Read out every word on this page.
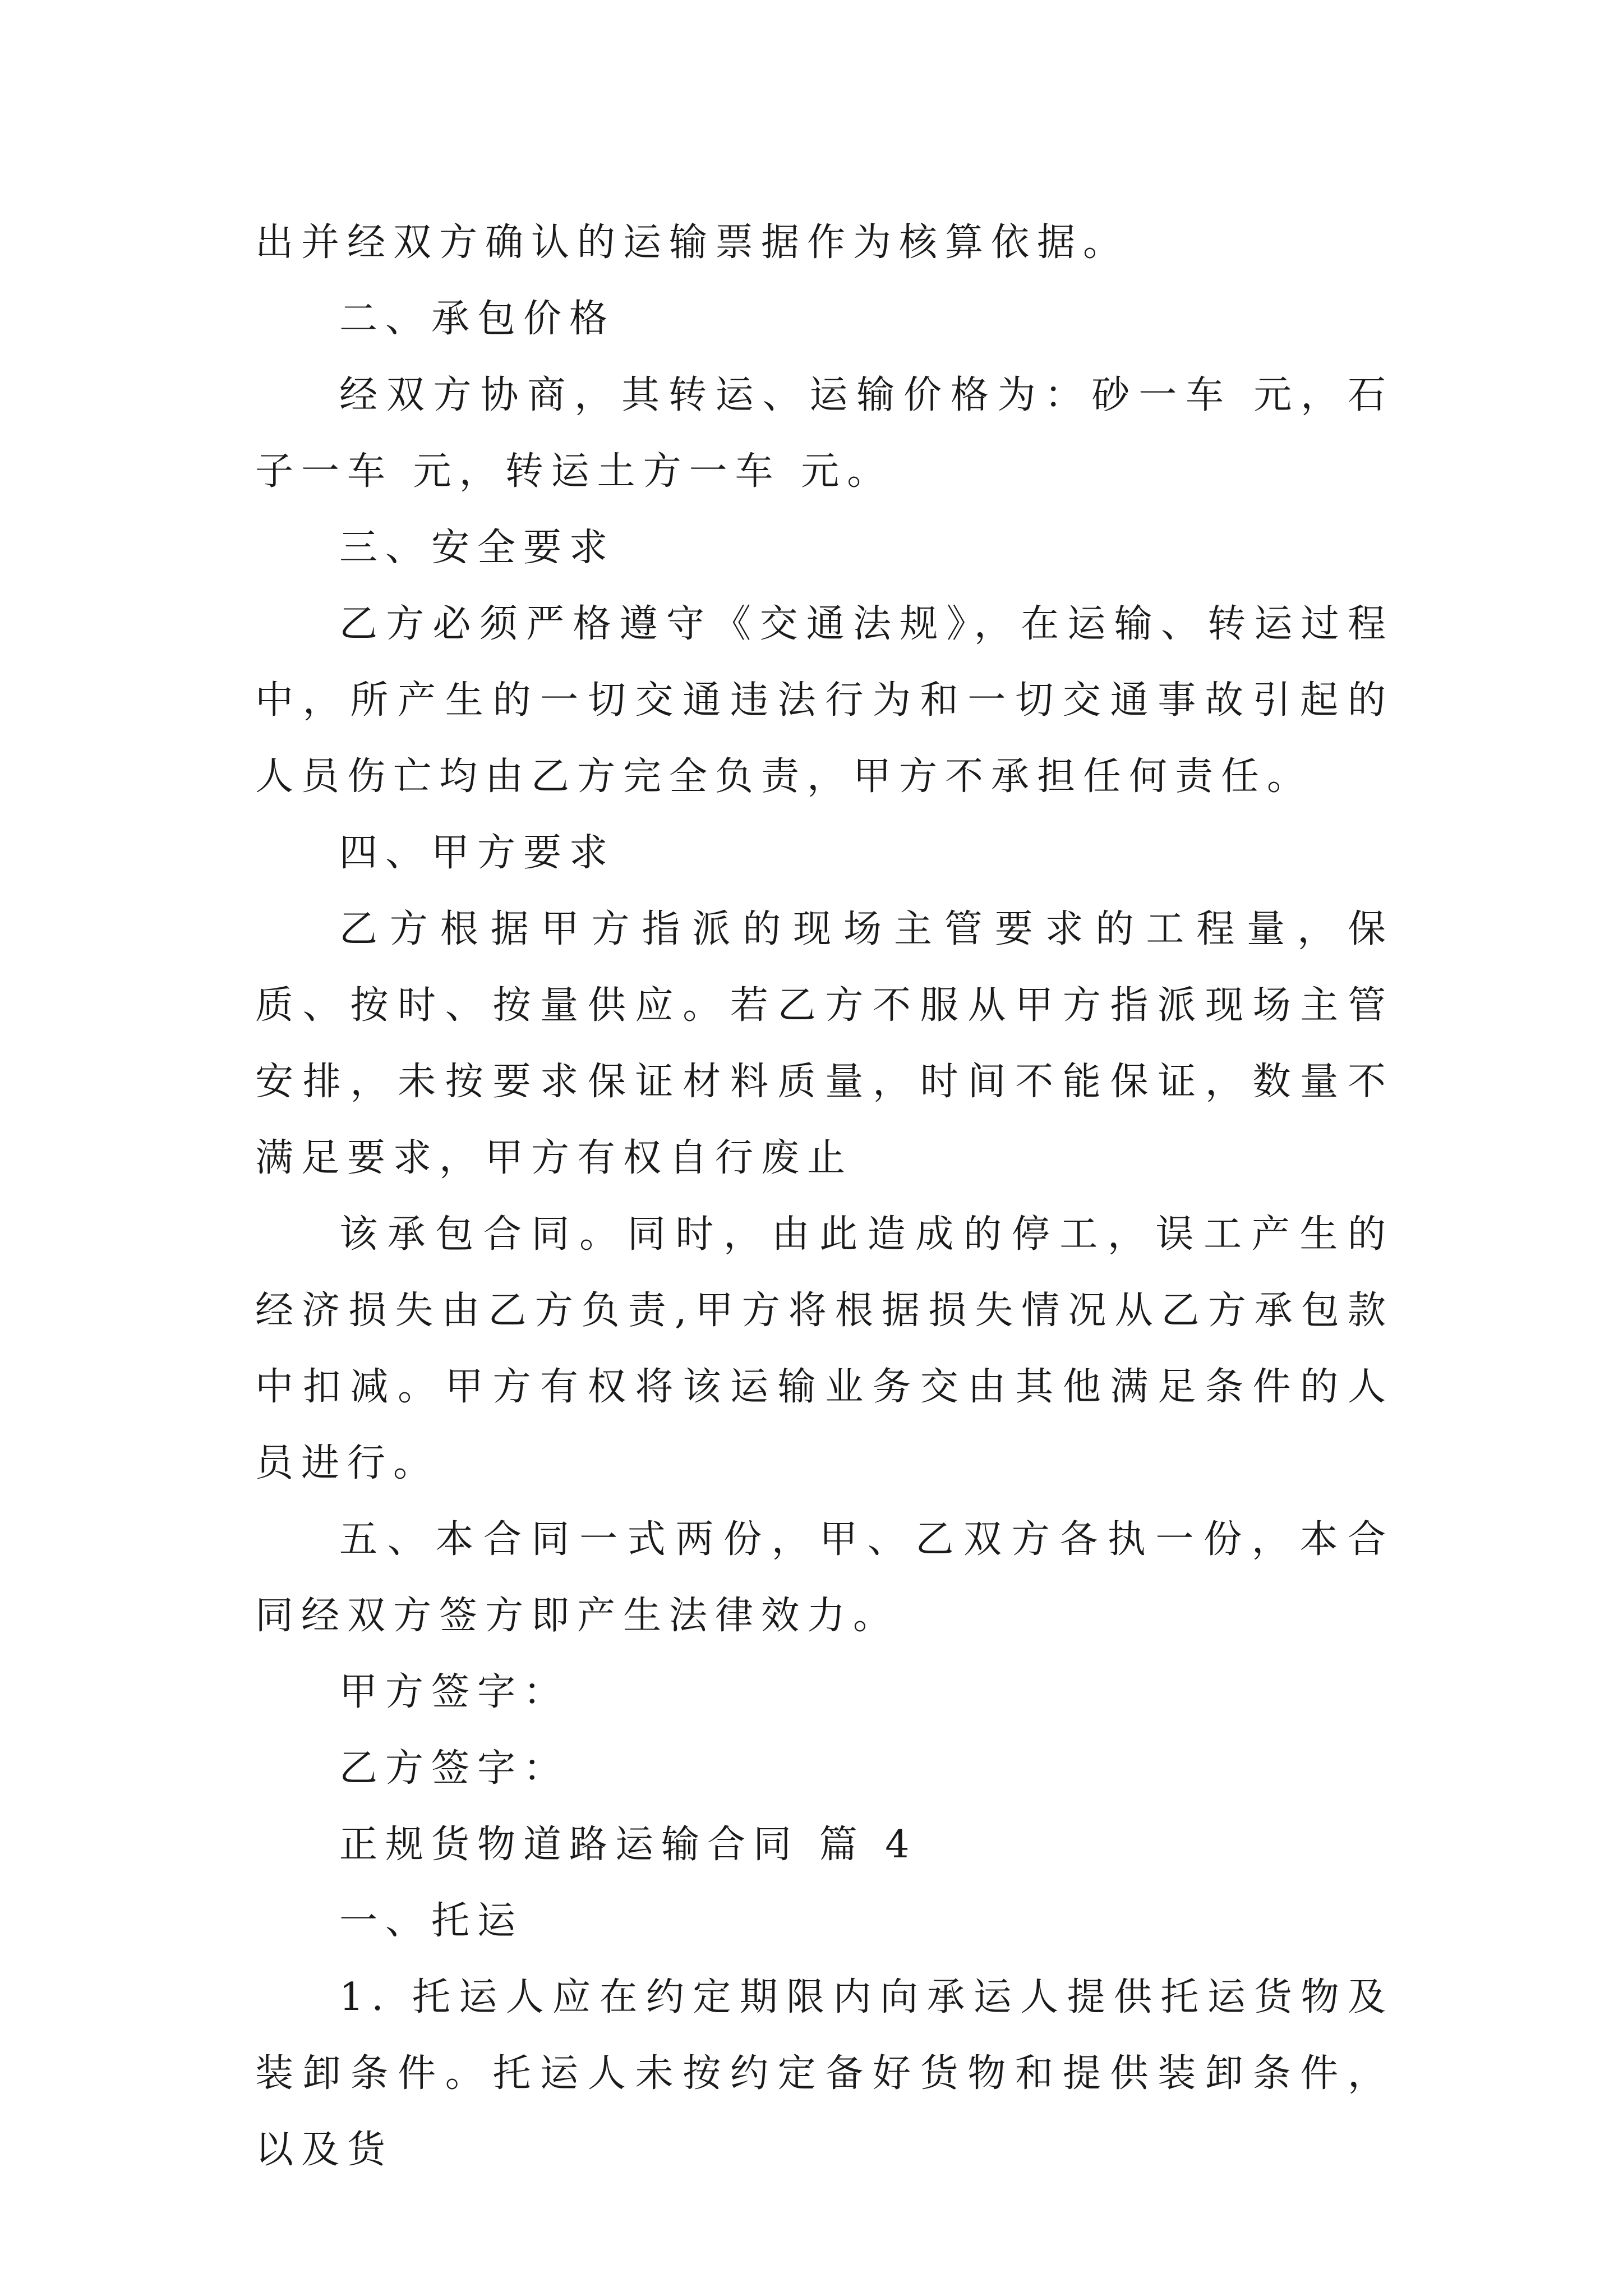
出并经双方确认的运输票据作为核算依据。

二、承包价格

经双方协商，其转运、运输价格为：砂一车 元，石子一车 元，转运土方一车 元。

三、安全要求

乙方必须严格遵守《交通法规》，在运输、转运过程中，所产生的一切交通违法行为和一切交通事故引起的人员伤亡均由乙方完全负责，甲方不承担任何责任。

四、甲方要求

乙方根据甲方指派的现场主管要求的工程量，保质、按时、按量供应。若乙方不服从甲方指派现场主管安排，未按要求保证材料质量，时间不能保证，数量不满足要求，甲方有权自行废止

该承包合同。同时，由此造成的停工，误工产生的经济损失由乙方负责,甲方将根据损失情况从乙方承包款中扣减。甲方有权将该运输业务交由其他满足条件的人员进行。

五、本合同一式两份，甲、乙双方各执一份，本合同经双方签方即产生法律效力。

甲方签字：

乙方签字：

正规货物道路运输合同 篇 4

一、托运

1. 托运人应在约定期限内向承运人提供托运货物及装卸条件。托运人未按约定备好货物和提供装卸条件，以及货
